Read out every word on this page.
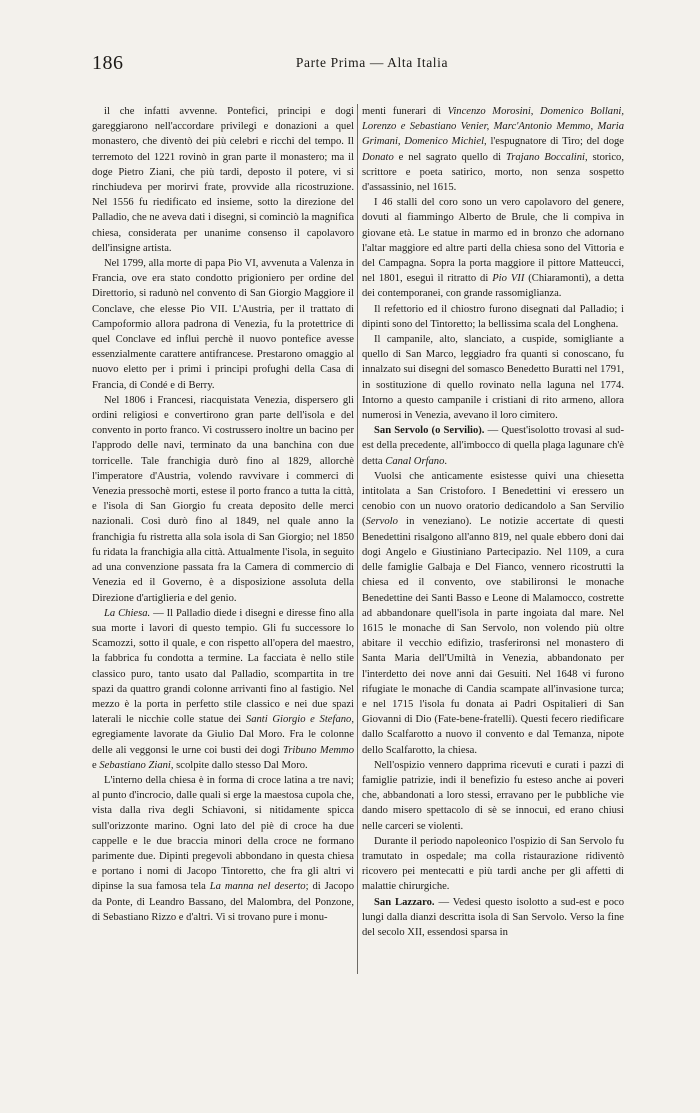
186	Parte Prima — Alta Italia

il che infatti avvenne. Pontefici, principi e dogi gareggiarono nell'accordare privilegi e donazioni a quel monastero, che diventò dei più celebri e ricchi del tempo. Il terremoto del 1221 rovinò in gran parte il monastero; ma il doge Pietro Ziani, che più tardi, deposto il potere, vi si rinchiudeva per morirvi frate, provvide alla ricostruzione. Nel 1556 fu riedificato ed insieme, sotto la direzione del Palladio, che ne aveva dati i disegni, si cominciò la magnifica chiesa, considerata per unanime consenso il capolavoro dell'insigne artista.

Nel 1799, alla morte di papa Pio VI, avvenuta a Valenza in Francia, ove era stato condotto prigioniero per ordine del Direttorio, si radunò nel convento di San Giorgio Maggiore il Conclave, che elesse Pio VII. L'Austria, per il trattato di Campoformio allora padrona di Venezia, fu la protettrice di quel Conclave ed influì perchè il nuovo pontefice avesse essenzialmente carattere antifrancese. Prestarono omaggio al nuovo eletto per i primi i principi profughi della Casa di Francia, di Condé e di Berry.

Nel 1806 i Francesi, riacquistata Venezia, dispersero gli ordini religiosi e convertirono gran parte dell'isola e del convento in porto franco. Vi costrussero inoltre un bacino per l'approdo delle navi, terminato da una banchina con due torricelle. Tale franchigia durò fino al 1829, allorchè l'imperatore d'Austria, volendo ravvivare i commerci di Venezia pressochè morti, estese il porto franco a tutta la città, e l'isola di San Giorgio fu creata deposito delle merci nazionali. Così durò fino al 1849, nel quale anno la franchigia fu ristretta alla sola isola di San Giorgio; nel 1850 fu ridata la franchigia alla città. Attualmente l'isola, in seguito ad una convenzione passata fra la Camera di commercio di Venezia ed il Governo, è a disposizione assoluta della Direzione d'artiglieria e del genio.

La Chiesa. — Il Palladio diede i disegni e diresse fino alla sua morte i lavori di questo tempio. Gli fu successore lo Scamozzi, sotto il quale, e con rispetto all'opera del maestro, la fabbrica fu condotta a termine. La facciata è nello stile classico puro, tanto usato dal Palladio, scompartita in tre spazi da quattro grandi colonne arrivanti fino al fastigio. Nel mezzo è la porta in perfetto stile classico e nei due spazi laterali le nicchie colle statue dei Santi Giorgio e Stefano, egregiamente lavorate da Giulio Dal Moro. Fra le colonne delle ali veggonsi le urne coi busti dei dogi Tribuno Memmo e Sebastiano Ziani, scolpite dallo stesso Dal Moro.

L'interno della chiesa è in forma di croce latina a tre navi; al punto d'incrocio, dalle quali si erge la maestosa cupola che, vista dalla riva degli Schiavoni, si nitidamente spicca sull'orizzonte marino. Ogni lato del piè di croce ha due cappelle e le due braccia minori della croce ne formano parimente due. Dipinti pregevoli abbondano in questa chiesa e portano i nomi di Jacopo Tintoretto, che fra gli altri vi dipinse la sua famosa tela La manna nel deserto; di Jacopo da Ponte, di Leandro Bassano, del Malombra, del Ponzone, di Sebastiano Rizzo e d'altri. Vi si trovano pure i monu-

menti funerari di Vincenzo Morosini, Domenico Bollani, Lorenzo e Sebastiano Venier, Marc'Antonio Memmo, Maria Grimani, Domenico Michiel, l'espugnatore di Tiro; del doge Donato e nel sagrato quello di Trajano Boccalini, storico, scrittore e poeta satirico, morto, non senza sospetto d'assassinio, nel 1615.

I 46 stalli del coro sono un vero capolavoro del genere, dovuti al fiammingo Alberto de Brule, che li compiva in giovane età. Le statue in marmo ed in bronzo che adornano l'altar maggiore ed altre parti della chiesa sono del Vittoria e del Campagna. Sopra la porta maggiore il pittore Matteucci, nel 1801, eseguì il ritratto di Pio VII (Chiaramonti), a detta dei contemporanei, con grande rassomiglianza.

Il refettorio ed il chiostro furono disegnati dal Palladio; i dipinti sono del Tintoretto; la bellissima scala del Longhena.

Il campanile, alto, slanciato, a cuspide, somigliante a quello di San Marco, leggiadro fra quanti si conoscano, fu innalzato sui disegni del somasco Benedetto Buratti nel 1791, in sostituzione di quello rovinato nella laguna nel 1774. Intorno a questo campanile i cristiani di rito armeno, allora numerosi in Venezia, avevano il loro cimitero.

San Servolo (o Servilio). — Quest'isolotto trovasi al sud-est della precedente, all'imbocco di quella plaga lagunare ch'è detta Canal Orfano.

Vuolsi che anticamente esistesse quivi una chiesetta intitolata a San Cristoforo. I Benedettini vi eressero un cenobio con un nuovo oratorio dedicandolo a San Servilio (Servolo in veneziano). Le notizie accertate di questi Benedettini risalgono all'anno 819, nel quale ebbero doni dai dogi Angelo e Giustiniano Partecipazio. Nel 1109, a cura delle famiglie Galbaja e Del Fianco, vennero ricostrutti la chiesa ed il convento, ove stabilironsi le monache Benedettine dei Santi Basso e Leone di Malamocco, costrette ad abbandonare quell'isola in parte ingoiata dal mare. Nel 1615 le monache di San Servolo, non volendo più oltre abitare il vecchio edifizio, trasferironsi nel monastero di Santa Maria dell'Umiltà in Venezia, abbandonato per l'interdetto dei nove anni dai Gesuiti. Nel 1648 vi furono rifugiate le monache di Candia scampate all'invasione turca; e nel 1715 l'isola fu donata ai Padri Ospitalieri di San Giovanni di Dio (Fate-bene-fratelli). Questi fecero riedificare dallo Scalfarotto a nuovo il convento e dal Temanza, nipote dello Scalfarotto, la chiesa.

Nell'ospizio vennero dapprima ricevuti e curati i pazzi di famiglie patrizie, indi il benefizio fu esteso anche ai poveri che, abbandonati a loro stessi, erravano per le pubbliche vie dando misero spettacolo di sè se innocui, ed erano chiusi nelle carceri se violenti.

Durante il periodo napoleonico l'ospizio di San Servolo fu tramutato in ospedale; ma colla ristaurazione ridiventò ricovero pei mentecatti e più tardi anche per gli affetti di malattie chirurgiche.

San Lazzaro. — Vedesi questo isolotto a sud-est e poco lungi dalla dianzi descritta isola di San Servolo. Verso la fine del secolo XII, essendosi sparsa in
